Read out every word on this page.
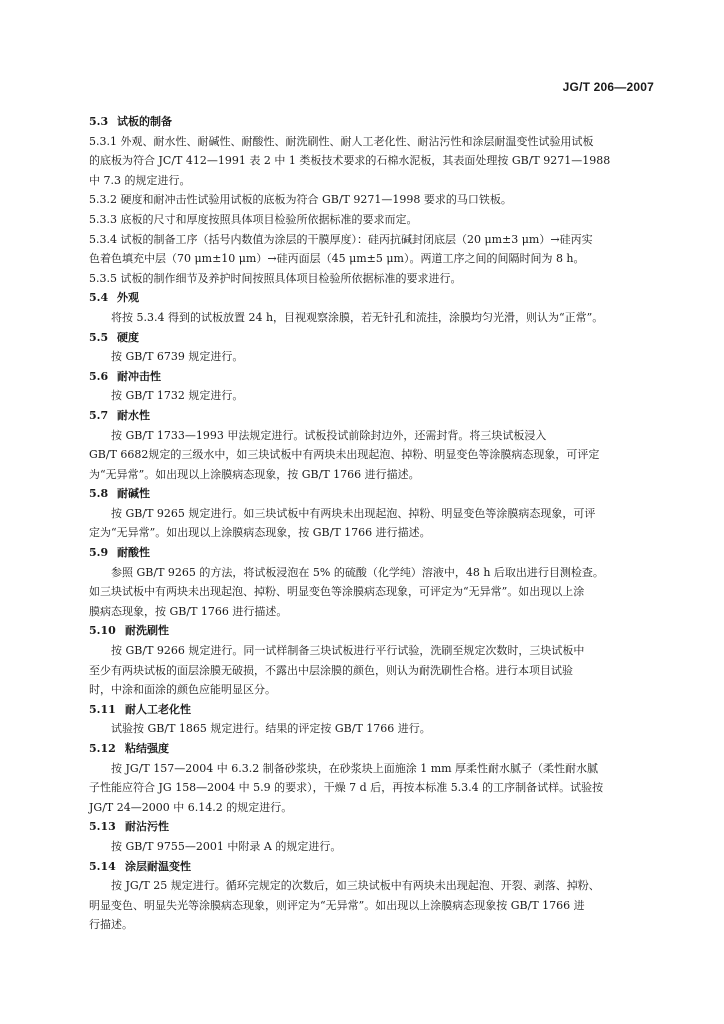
JG/T 206—2007
5.3 试板的制备
5.3.1 外观、耐水性、耐碱性、耐酸性、耐洗刷性、耐人工老化性、耐沾污性和涂层耐温变性试验用试板
的底板为符合 JC/T 412—1991 表 2 中 1 类板技术要求的石棉水泥板，其表面处理按 GB/T 9271—1988
中 7.3 的规定进行。
5.3.2 硬度和耐冲击性试验用试板的底板为符合 GB/T 9271—1998 要求的马口铁板。
5.3.3 底板的尺寸和厚度按照具体项目检验所依据标准的要求而定。
5.3.4 试板的制备工序（括号内数值为涂层的干膜厚度）：硅丙抗碱封闭底层（20 μm±3 μm）→硅丙实
色着色填充中层（70 μm±10 μm）→硅丙面层（45 μm±5 μm）。两道工序之间的间隔时间为 8 h。
5.3.5 试板的制作细节及养护时间按照具体项目检验所依据标准的要求进行。
5.4 外观
将按 5.3.4 得到的试板放置 24 h，目视观察涂膜，若无针孔和流挂，涂膜均匀光滑，则认为“正常”。
5.5 硬度
按 GB/T 6739 规定进行。
5.6 耐冲击性
按 GB/T 1732 规定进行。
5.7 耐水性
按 GB/T 1733—1993 甲法规定进行。试板投试前除封边外，还需封背。将三块试板浸入
GB/T 6682规定的三级水中，如三块试板中有两块未出现起泡、掉粉、明显变色等涂膜病态现象，可评定
为“无异常”。如出现以上涂膜病态现象，按 GB/T 1766 进行描述。
5.8 耐碱性
按 GB/T 9265 规定进行。如三块试板中有两块未出现起泡、掉粉、明显变色等涂膜病态现象，可评
定为“无异常”。如出现以上涂膜病态现象，按 GB/T 1766 进行描述。
5.9 耐酸性
参照 GB/T 9265 的方法，将试板浸泡在 5% 的硫酸（化学纯）溶液中，48 h 后取出进行目测检查。
如三块试板中有两块未出现起泡、掉粉、明显变色等涂膜病态现象，可评定为“无异常”。如出现以上涂
膜病态现象，按 GB/T 1766 进行描述。
5.10 耐洗刷性
按 GB/T 9266 规定进行。同一试样制备三块试板进行平行试验，洗刷至规定次数时，三块试板中
至少有两块试板的面层涂膜无破损，不露出中层涂膜的颜色，则认为耐洗刷性合格。进行本项目试验
时，中涂和面涂的颜色应能明显区分。
5.11 耐人工老化性
试验按 GB/T 1865 规定进行。结果的评定按 GB/T 1766 进行。
5.12 粘结强度
按 JG/T 157—2004 中 6.3.2 制备砂浆块，在砂浆块上面施涂 1 mm 厚柔性耐水腻子（柔性耐水腻
子性能应符合 JG 158—2004 中 5.9 的要求），干燥 7 d 后，再按本标准 5.3.4 的工序制备试样。试验按
JG/T 24—2000 中 6.14.2 的规定进行。
5.13 耐沾污性
按 GB/T 9755—2001 中附录 A 的规定进行。
5.14 涂层耐温变性
按 JG/T 25 规定进行。循环完规定的次数后，如三块试板中有两块未出现起泡、开裂、剥落、掉粉、
明显变色、明显失光等涂膜病态现象，则评定为“无异常”。如出现以上涂膜病态现象按 GB/T 1766 进
行描述。
